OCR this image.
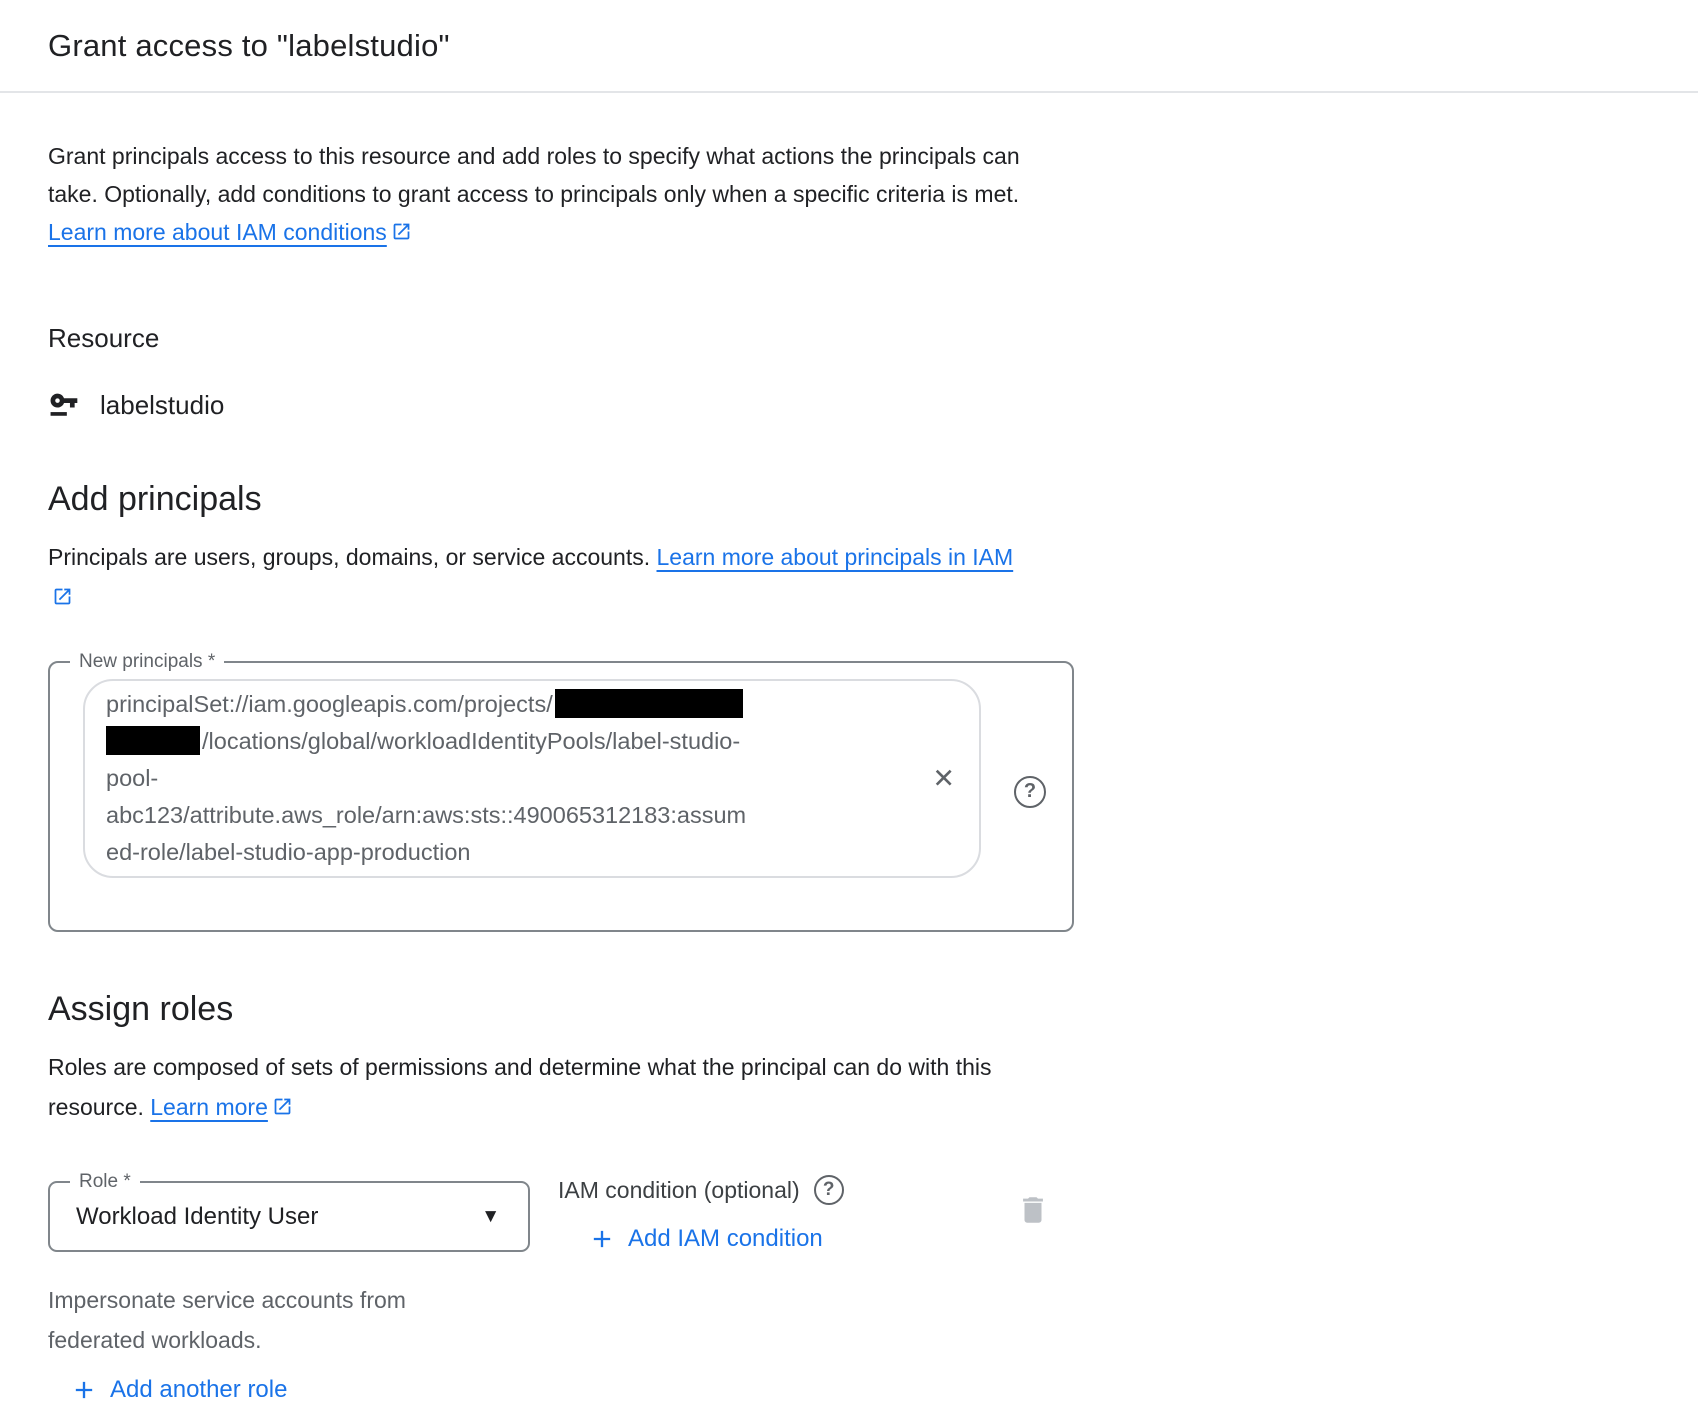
Grant access to "labelstudio"

Grant principals access to this resource and add roles to specify what actions the principals can take. Optionally, add conditions to grant access to principals only when a specific criteria is met. Learn more about IAM conditions

Resource
labelstudio
Add principals

Principals are users, groups, domains, or service accounts. Learn more about principals in IAM

New principals *
principalSet://iam.googleapis.com/projects/
/locations/global/workloadIdentityPools/label-studio-
pool-
abc123/attribute.aws_role/arn:aws:sts::490065312183:assum
ed-role/label-studio-app-production
✕	?
Assign roles

Roles are composed of sets of permissions and determine what the principal can do with this resource. Learn more

Role *
Workload Identity User	▼
IAM condition (optional)	?
Add IAM condition
Impersonate service accounts from federated workloads.
Add another role
